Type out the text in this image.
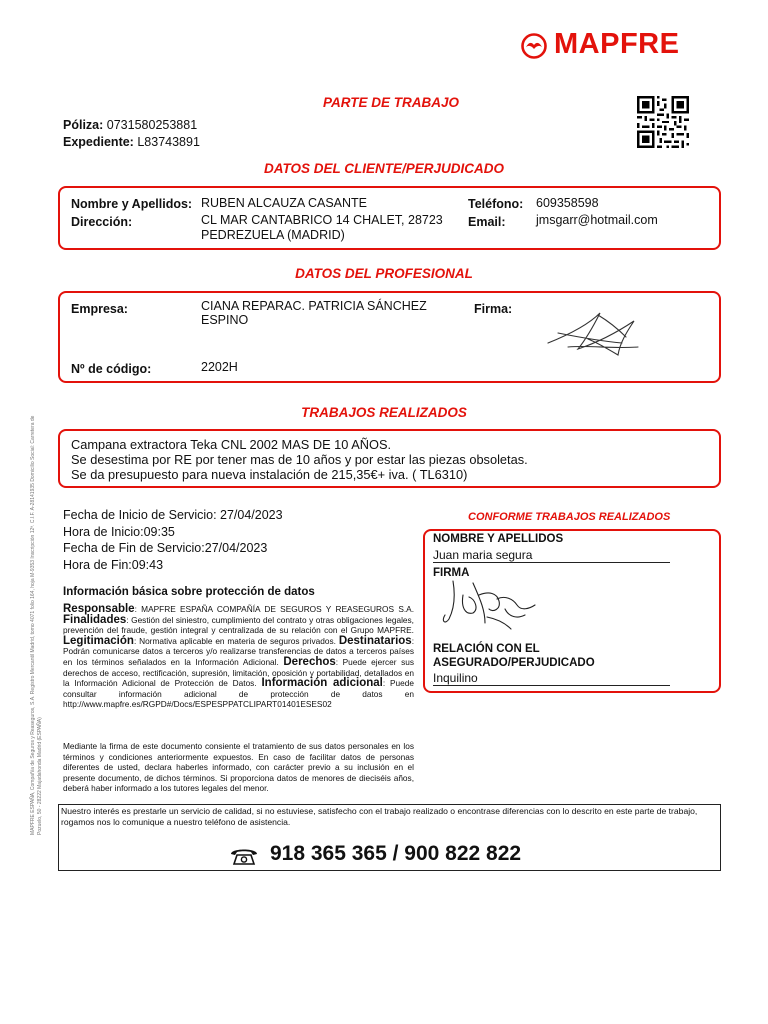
MAPFRE
PARTE DE TRABAJO
Póliza: 0731580253881
Expediente: L83743891
DATOS DEL CLIENTE/PERJUDICADO
Nombre y Apellidos: RUBEN ALCAUZA CASANTE
Dirección:	CL MAR CANTABRICO 14 CHALET, 28723
PEDREZUELA (MADRID)
Teléfono: 609358598
Email: jmsgarr@hotmail.com
DATOS DEL PROFESIONAL
Empresa:	CIANA REPARAC. PATRICIA SÁNCHEZ
ESPINO
Firma:
Nº de código:	2202H
TRABAJOS REALIZADOS
Campana extractora Teka CNL 2002 MAS DE 10 AÑOS.
Se desestima por RE por tener mas de 10 años y por estar las piezas obsoletas.
Se da presupuesto para nueva instalación de 215,35€+ iva. ( TL6310)
Fecha de Inicio de Servicio: 27/04/2023
Hora de Inicio:09:35
Fecha de Fin de Servicio:27/04/2023
Hora de Fin:09:43
Información básica sobre protección de datos
Responsable: MAPFRE ESPAÑA COMPAÑÍA DE SEGUROS Y REASEGUROS S.A. Finalidades: Gestión del siniestro, cumplimiento del contrato y otras obligaciones legales, prevención del fraude, gestión integral y centralizada de su relación con el Grupo MAPFRE. Legitimación: Normativa aplicable en materia de seguros privados. Destinatarios: Podrán comunicarse datos a terceros y/o realizarse transferencias de datos a terceros países en los términos señalados en la Información Adicional. Derechos: Puede ejercer sus derechos de acceso, rectificación, supresión, limitación, oposición y portabilidad, detallados en la Información Adicional de Protección de Datos. Información adicional: Puede consultar información adicional de protección de datos en http://www.mapfre.es/RGPD#/Docs/ESPESPPATCLIPART01401ESES02
Mediante la firma de este documento consiente el tratamiento de sus datos personales en los términos y condiciones anteriormente expuestos. En caso de facilitar datos de personas diferentes de usted, declara haberles informado, con carácter previo a su inclusión en el presente documento, de dichos términos. Si proporciona datos de menores de dieciséis años, deberá haber informado a los tutores legales del menor.
CONFORME TRABAJOS REALIZADOS
NOMBRE Y APELLIDOS
Juan maria segura
FIRMA
RELACIÓN CON EL
ASEGURADO/PERJUDICADO
Inquilino
Nuestro interés es prestarle un servicio de calidad, si no estuviese, satisfecho con el trabajo realizado o encontrase diferencias con lo descrito en este parte de trabajo, rogamos nos lo comunique a nuestro teléfono de asistencia.
918 365 365 / 900 822 822
MAPFRE ESPAÑA, Compañía de Seguros y Reaseguros, S.A. Registro Mercantil Madrid, tomo 4071 folio 164, hoja M-9353 Inscripción 12ª. C.I.F. A-28141935 Domicilio Social: Carretera de Pozuelo, 50 - 28222 Majadahonda Madrid (ESPAÑA)
